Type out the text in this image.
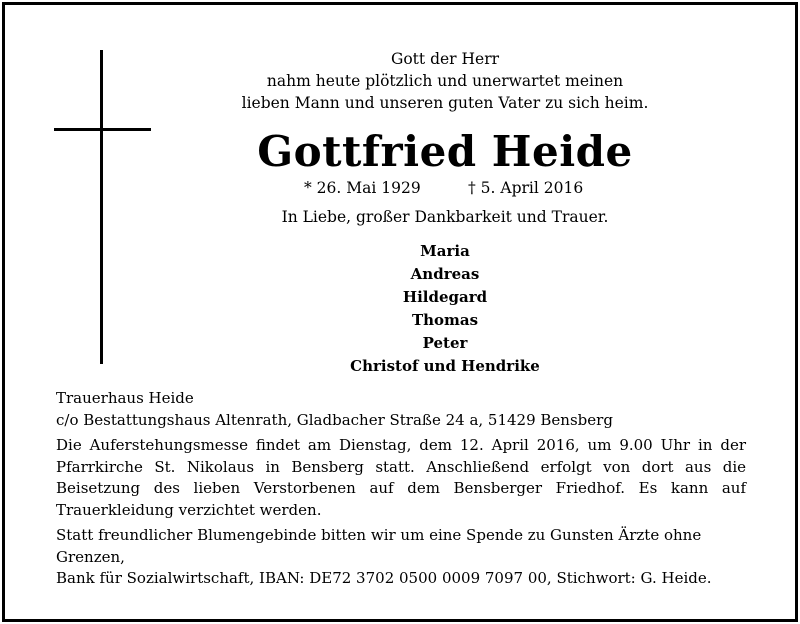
Gott der Herr
nahm heute plötzlich und unerwartet meinen
lieben Mann und unseren guten Vater zu sich heim.
Gottfried Heide
* 26. Mai 1929	† 5. April 2016
In Liebe, großer Dankbarkeit und Trauer.
Maria
Andreas
Hildegard
Thomas
Peter
Christof und Hendrike

Trauerhaus Heide

c/o Bestattungshaus Altenrath, Gladbacher Straße 24 a, 51429 Bensberg

Die Auferstehungsmesse findet am Dienstag, dem 12. April 2016, um 9.00 Uhr in der Pfarrkirche St. Nikolaus in Bensberg statt. Anschließend erfolgt von dort aus die Beisetzung des lieben Verstorbenen auf dem Bensberger Friedhof. Es kann auf Trauerkleidung verzichtet werden.

Statt freundlicher Blumengebinde bitten wir um eine Spende zu Gunsten Ärzte ohne Grenzen,

Bank für Sozialwirtschaft, IBAN: DE72 3702 0500 0009 7097 00, Stichwort: G. Heide.
